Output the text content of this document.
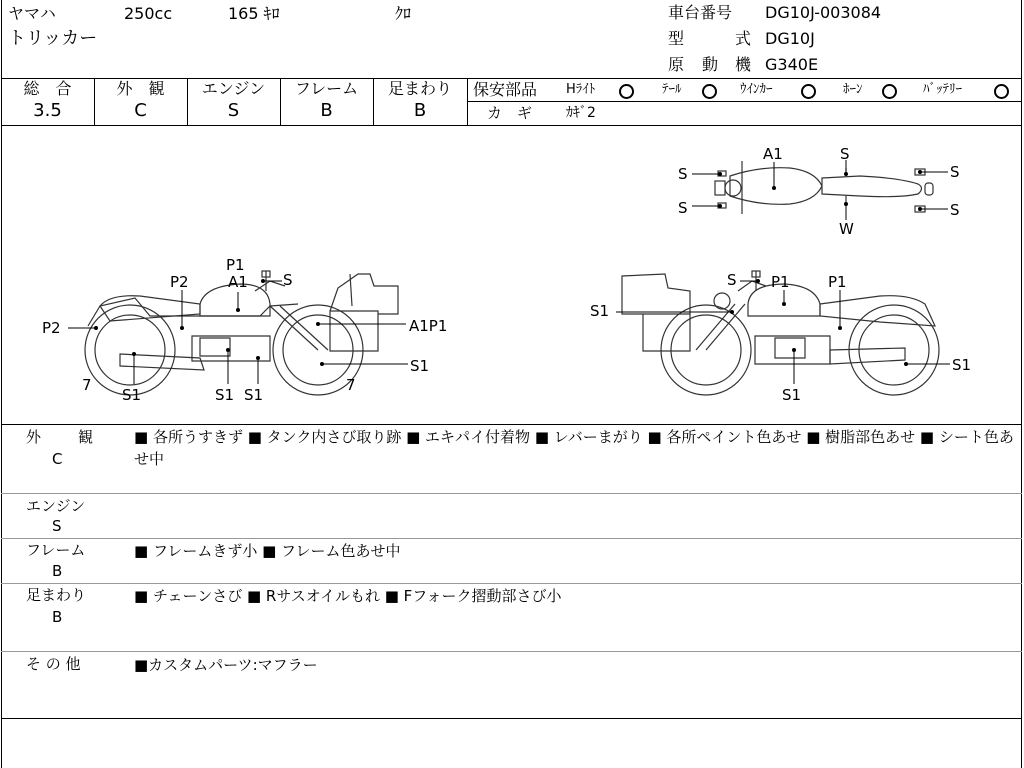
ヤマハ	250cc	165 ｷﾛ	ｸﾛ
トリッカー
車台番号 DG10J-003084
型	式 DG10J
原 動 機 G340E
総　合
3.5
外　観
C
エンジン
S
フレーム
B
足まわり
B
保安部品 Hﾗｲﾄ	ﾃｰﾙ	ｳｲﾝｶｰ	ﾎｰﾝ	ﾊﾞｯﾃﾘｰ
カ　ギ ｶｷﾞ2
A1	S
S
S
S
S
W
P1
A1 S
P2
P2	A1P1
S1
7
7
S1	S1 S1
S P1	P1
S1
S1
S1
外 観
C
■ 各所うすきず ■ タンク内さび取り跡 ■ エキパイ付着物 ■ レバーまがり ■ 各所ペイント色あせ ■ 樹脂部色あせ ■ シート色あせ中
エンジン
S
フレーム
B
■ フレームきず小 ■ フレーム色あせ中
足まわり
B
■ チェーンさび ■ Rサスオイルもれ ■ Fフォーク摺動部さび小
そ の 他	■カスタムパーツ:マフラー
